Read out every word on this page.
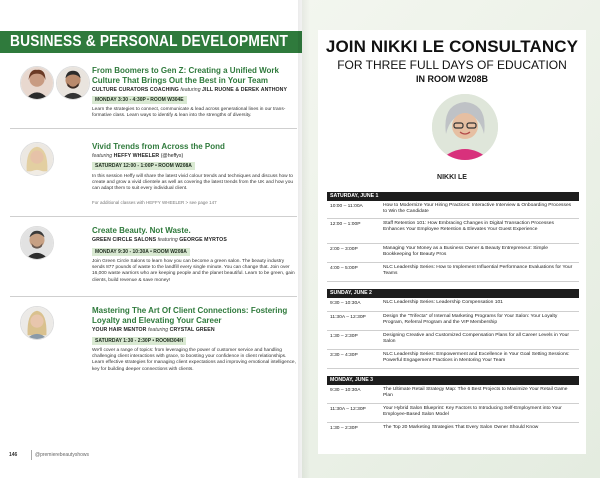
BUSINESS & PERSONAL DEVELOPMENT
From Boomers to Gen Z: Creating a Unified Work Culture That Brings Out the Best in Your Team
CULTURE CURATORS COACHING featuring JILL RUONE & DEREK ANTHONY
MONDAY 3:30 - 4:30P • ROOM W304E
Learn the strategies to connect, communicate & lead across generational lines in our trans-formative class. Learn ways to identify & lean into the strengths of diversity.
Vivid Trends from Across the Pond
featuring HEFFY WHEELER (@heffys)
SATURDAY 12:00 - 1:00P • ROOM W208A
In this session Heffy will share the latest vivid colour trends and techniques and discuss how to create and grow a vivid clientele as well as covering the latest trends from the UK and how you can adapt them to suit every individual client.
For additional classes with HEFFY WHEELER > see page 147
Create Beauty. Not Waste.
GREEN CIRCLE SALONS featuring GEORGE MYRTOS
MONDAY 9:30 - 10:30A • ROOM W208A
Join Green Circle Salons to learn how you can become a green salon. The beauty industry sends 877 pounds of waste to the landfill every single minute. You can change that. Join over 16,000 waste warriors who are keeping people and the planet beautiful. Learn to be green, gain clients, build revenue & save money!
Mastering The Art Of Client Connections: Fostering Loyalty and Elevating Your Career
YOUR HAIR MENTOR featuring CRYSTAL GREEN
SATURDAY 1:30 - 2:30P • ROOM304H
We'll cover a range of topics: from leveraging the power of customer service and handling challenging client interactions with grace, to boosting your confidence in client relationships. Learn effective strategies for managing client expectations and improving emotional intelligence, key for building deeper connections with clients.
146	@premierebeautyshows
JOIN NIKKI LE CONSULTANCY
FOR THREE FULL DAYS OF EDUCATION
IN ROOM W208B
NIKKI LE
SATURDAY, JUNE 1
10:00 – 11:00A	How to Modernize Your Hiring Practices: Interactive Interview & Onboarding Processes to Win the Candidate
12:00 – 1:00P	Staff Retention 101: How Embracing Changes in Digital Transaction Processes Enhances Your Employee Retention & Elevates Your Guest Experience
2:00 – 3:00P	Managing Your Money as a Business Owner & Beauty Entrepreneur: Simple Bookkeeping for Beauty Pros
4:00 – 5:00P	NLC Leadership Series: How to Implement Influential Performance Evaluations for Your Teams
SUNDAY, JUNE 2
9:30 – 10:30A	NLC Leadership Series: Leadership Compensation 101
11:30A – 12:30P	Design the "Trifecta" of Internal Marketing Programs for Your Salon: Your Loyalty Program, Referral Program and the VIP Membership
1:30 – 2:30P	Designing Creative and Customized Compensation Plans for all Career Levels in Your Salon
3:30 – 4:30P	NLC Leadership Series: Empowerment and Excellence in Your Goal Setting Sessions: Powerful Engagement Practices in Mentoring Your Team
MONDAY, JUNE 3
9:30 – 10:30A	The Ultimate Retail Strategy Map: The 6 Best Projects to Maximize Your Retail Game Plan
11:30A – 12:30P	Your Hybrid Salon Blueprint: Key Factors to Introducing Self-Employment into Your Employee-Based Salon Model
1:30 – 2:30P	The Top 20 Marketing Strategies That Every Salon Owner Should Know
